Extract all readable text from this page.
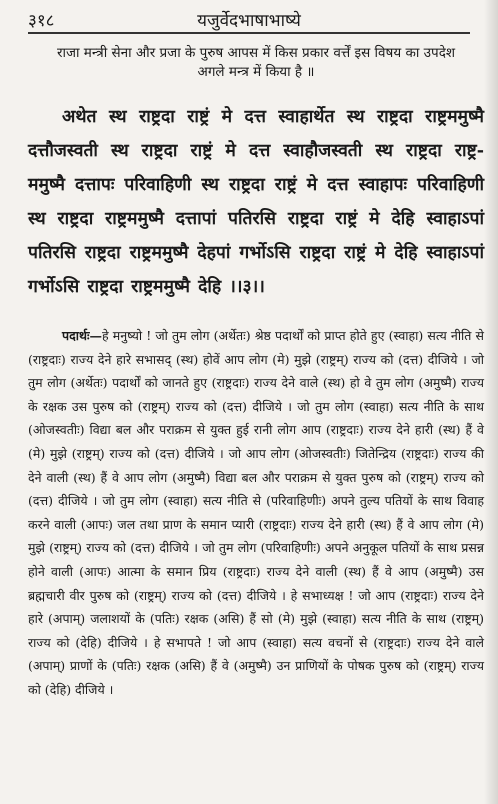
३१८	यजुर्वेदभाषाभाष्ये
राजा मन्त्री सेना और प्रजा के पुरुष आपस में किस प्रकार वर्त्तें इस विषय का उपदेश अगले मन्त्र में किया है ॥
अथेत स्थ राष्ट्रदा राष्ट्रं मे दत्त स्वाहार्थेत स्थ राष्ट्रदा राष्ट्रममुष्मै दत्तौजस्वती स्थ राष्ट्रदा राष्ट्रं मे दत्त स्वाहौजस्वती स्थ राष्ट्रदा राष्ट्र- ममुष्मै दत्तापः परिवाहिणी स्थ राष्ट्रदा राष्ट्रं मे दत्त स्वाहापः परिवाहिणी स्थ राष्ट्रदा राष्ट्रममुष्मै दत्तापां पतिरसि राष्ट्रदा राष्ट्रं मे देहि स्वाहाऽपां पतिरसि राष्ट्रदा राष्ट्रममुष्मै देहपां गर्भोऽसि राष्ट्रदा राष्ट्रं मे देहि स्वाहाऽपां गर्भोऽसि राष्ट्रदा राष्ट्रममुष्मै देहि ।।३।।

पदार्थः—हे मनुष्यो ! जो तुम लोग (अर्थेतः) श्रेष्ठ पदार्थों को प्राप्त होते हुए (स्वाहा) सत्य नीति से (राष्ट्रदाः) राज्य देने हारे सभासद् (स्थ) होवें आप लोग (मे) मुझे (राष्ट्रम्) राज्य को (दत्त) दीजिये । जो तुम लोग (अर्थेतः) पदार्थों को जानते हुए (राष्ट्रदाः) राज्य देने वाले (स्थ) हो वे तुम लोग (अमुष्मै) राज्य के रक्षक उस पुरुष को (राष्ट्रम्) राज्य को (दत्त) दीजिये । जो तुम लोग (स्वाहा) सत्य नीति के साथ (ओजस्वतीः) विद्या बल और पराक्रम से युक्त हुई रानी लोग आप (राष्ट्रदाः) राज्य देने हारी (स्थ) हैं वे (मे) मुझे (राष्ट्रम्) राज्य को (दत्त) दीजिये । जो आप लोग (ओजस्वतीः) जितेन्द्रिय (राष्ट्रदाः) राज्य की देने वाली (स्थ) हैं वे आप लोग (अमुष्मै) विद्या बल और पराक्रम से युक्त पुरुष को (राष्ट्रम्) राज्य को (दत्त) दीजिये । जो तुम लोग (स्वाहा) सत्य नीति से (परिवाहिणीः) अपने तुल्य पतियों के साथ विवाह करने वाली (आपः) जल तथा प्राण के समान प्यारी (राष्ट्रदाः) राज्य देने हारी (स्थ) हैं वे आप लोग (मे) मुझे (राष्ट्रम्) राज्य को (दत्त) दीजिये । जो तुम लोग (परिवाहिणीः) अपने अनुकूल पतियों के साथ प्रसन्न होने वाली (आपः) आत्मा के समान प्रिय (राष्ट्रदाः) राज्य देने वाली (स्थ) हैं वे आप (अमुष्मै) उस ब्रह्मचारी वीर पुरुष को (राष्ट्रम्) राज्य को (दत्त) दीजिये । हे सभाध्यक्ष ! जो आप (राष्ट्रदाः) राज्य देने हारे (अपाम्) जलाशयों के (पतिः) रक्षक (असि) हैं सो (मे) मुझे (स्वाहा) सत्य नीति के साथ (राष्ट्रम्) राज्य को (देहि) दीजिये । हे सभापते ! जो आप (स्वाहा) सत्य वचनों से (राष्ट्रदाः) राज्य देने वाले (अपाम्) प्राणों के (पतिः) रक्षक (असि) हैं वे (अमुष्मै) उन प्राणियों के पोषक पुरुष को (राष्ट्रम्) राज्य को (देहि) दीजिये ।
